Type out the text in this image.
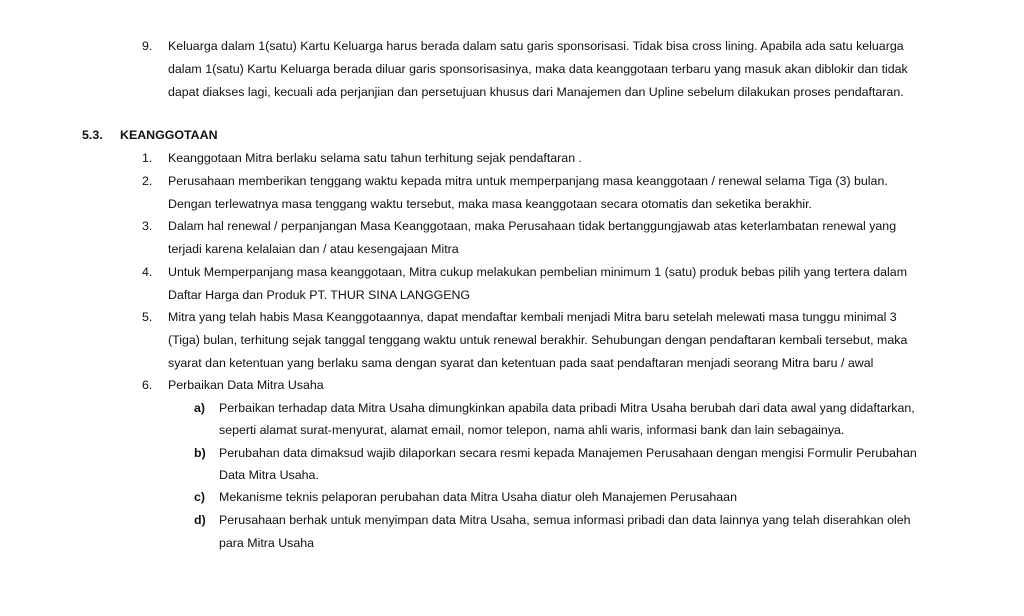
9.	Keluarga dalam 1(satu) Kartu Keluarga harus berada dalam satu garis sponsorisasi. Tidak bisa cross lining. Apabila ada satu keluarga
dalam 1(satu) Kartu Keluarga berada diluar garis sponsorisasinya, maka data keanggotaan terbaru yang masuk akan diblokir dan tidak
dapat diakses lagi, kecuali ada perjanjian dan persetujuan khusus dari Manajemen dan Upline sebelum dilakukan proses pendaftaran.
5.3. KEANGGOTAAN
1.	Keanggotaan Mitra berlaku selama satu tahun terhitung sejak pendaftaran .
2.	Perusahaan memberikan tenggang waktu kepada mitra untuk memperpanjang masa keanggotaan / renewal selama Tiga (3) bulan.
Dengan terlewatnya masa tenggang waktu tersebut, maka masa keanggotaan secara otomatis dan seketika berakhir.
3.	Dalam hal renewal / perpanjangan Masa Keanggotaan, maka Perusahaan tidak bertanggungjawab atas keterlambatan renewal yang
terjadi karena kelalaian dan / atau kesengajaan Mitra
4.	Untuk Memperpanjang masa keanggotaan, Mitra cukup melakukan pembelian minimum 1 (satu) produk bebas pilih yang tertera dalam
Daftar Harga dan Produk PT. THUR SINA LANGGENG
5.	Mitra yang telah habis Masa Keanggotaannya, dapat mendaftar kembali menjadi Mitra baru setelah melewati masa tunggu minimal 3
(Tiga) bulan, terhitung sejak tanggal tenggang waktu untuk renewal berakhir. Sehubungan dengan pendaftaran kembali tersebut, maka
syarat dan ketentuan yang berlaku sama dengan syarat dan ketentuan pada saat pendaftaran menjadi seorang Mitra baru / awal
6.	Perbaikan Data Mitra Usaha
a) Perbaikan terhadap data Mitra Usaha dimungkinkan apabila data pribadi Mitra Usaha berubah dari data awal yang didaftarkan,
seperti alamat surat-menyurat, alamat email, nomor telepon, nama ahli waris, informasi bank dan lain sebagainya.
b) Perubahan data dimaksud wajib dilaporkan secara resmi kepada Manajemen Perusahaan dengan mengisi Formulir Perubahan
Data Mitra Usaha.
c) Mekanisme teknis pelaporan perubahan data Mitra Usaha diatur oleh Manajemen Perusahaan
d) Perusahaan berhak untuk menyimpan data Mitra Usaha, semua informasi pribadi dan data lainnya yang telah diserahkan oleh
para Mitra Usaha
